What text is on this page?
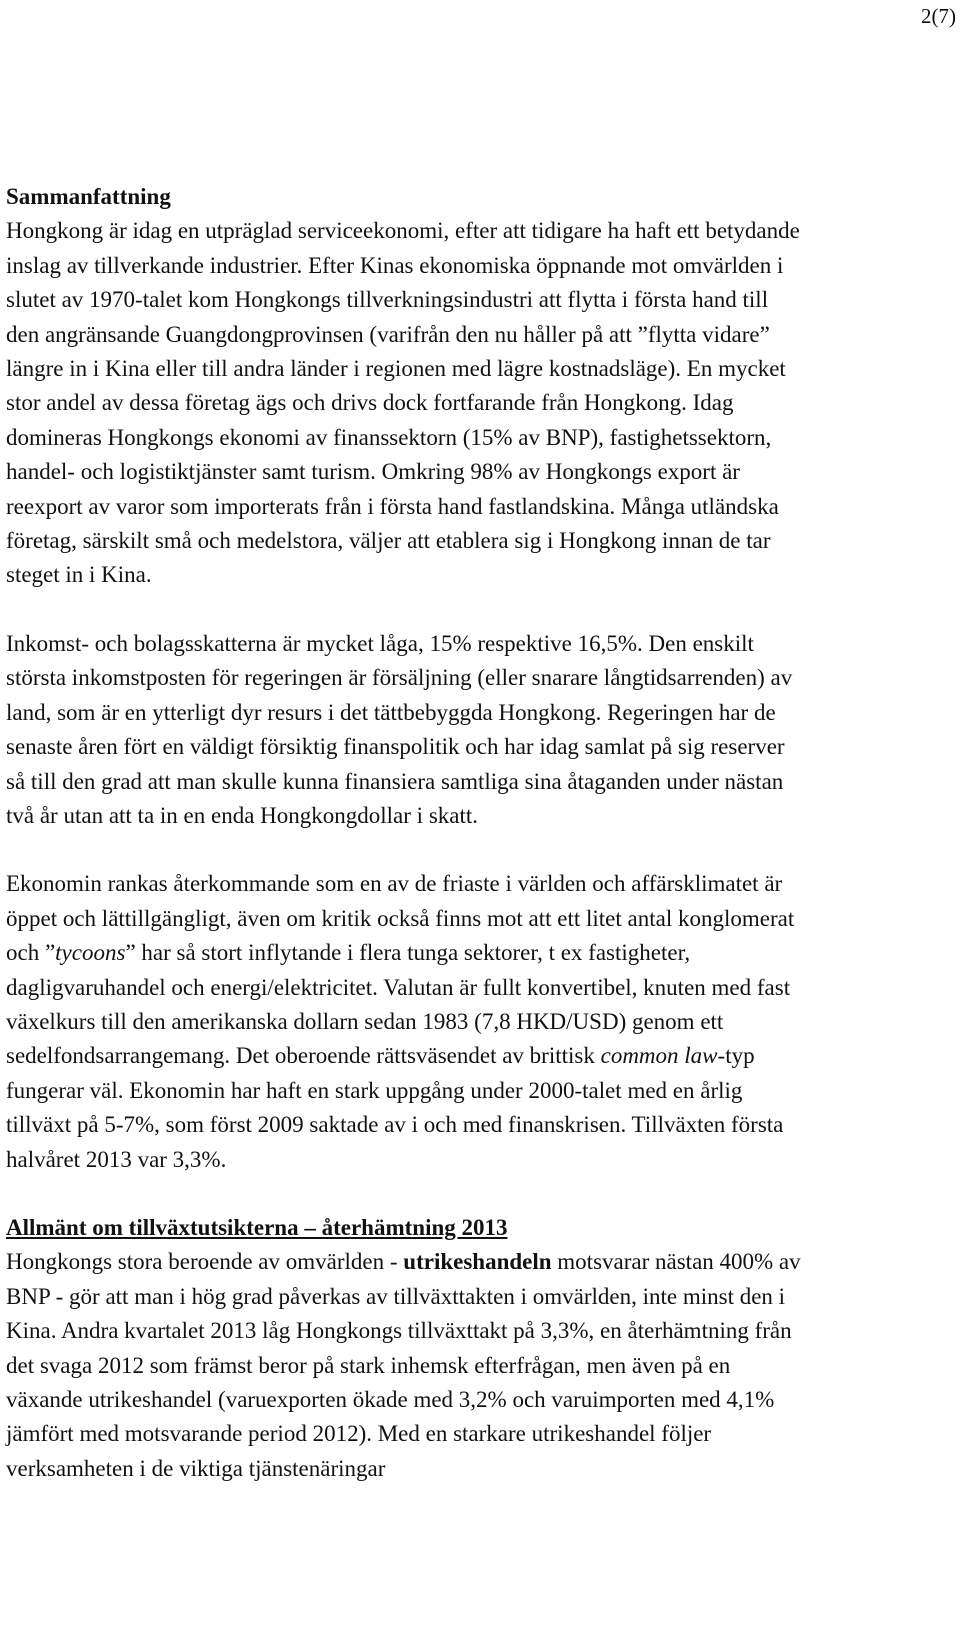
2(7)

Sammanfattning

Hongkong är idag en utpräglad serviceekonomi, efter att tidigare ha haft ett betydande inslag av tillverkande industrier. Efter Kinas ekonomiska öppnande mot omvärlden i slutet av 1970-talet kom Hongkongs tillverkningsindustri att flytta i första hand till den angränsande Guangdongprovinsen (varifrån den nu håller på att ”flytta vidare” längre in i Kina eller till andra länder i regionen med lägre kostnadsläge). En mycket stor andel av dessa företag ägs och drivs dock fortfarande från Hongkong. Idag domineras Hongkongs ekonomi av finanssektorn (15% av BNP), fastighetssektorn, handel- och logistiktjänster samt turism. Omkring 98% av Hongkongs export är reexport av varor som importerats från i första hand fastlandskina. Många utländska företag, särskilt små och medelstora, väljer att etablera sig i Hongkong innan de tar steget in i Kina.

Inkomst- och bolagsskatterna är mycket låga, 15% respektive 16,5%. Den enskilt största inkomstposten för regeringen är försäljning (eller snarare långtidsarrenden) av land, som är en ytterligt dyr resurs i det tättbebyggda Hongkong. Regeringen har de senaste åren fört en väldigt försiktig finanspolitik och har idag samlat på sig reserver så till den grad att man skulle kunna finansiera samtliga sina åtaganden under nästan två år utan att ta in en enda Hongkongdollar i skatt.

Ekonomin rankas återkommande som en av de friaste i världen och affärsklimatet är öppet och lättillgängligt, även om kritik också finns mot att ett litet antal konglomerat och ”tycoons” har så stort inflytande i flera tunga sektorer, t ex fastigheter, dagligvaruhandel och energi/elektricitet. Valutan är fullt konvertibel, knuten med fast växelkurs till den amerikanska dollarn sedan 1983 (7,8 HKD/USD) genom ett sedelfondsarrangemang. Det oberoende rättsväsendet av brittisk common law-typ fungerar väl. Ekonomin har haft en stark uppgång under 2000-talet med en årlig tillväxt på 5-7%, som först 2009 saktade av i och med finanskrisen. Tillväxten första halvåret 2013 var 3,3%.

Allmänt om tillväxtutsikterna – återhämtning 2013

Hongkongs stora beroende av omvärlden - utrikeshandeln motsvarar nästan 400% av BNP - gör att man i hög grad påverkas av tillväxttakten i omvärlden, inte minst den i Kina. Andra kvartalet 2013 låg Hongkongs tillväxttakt på 3,3%, en återhämtning från det svaga 2012 som främst beror på stark inhemsk efterfrågan, men även på en växande utrikeshandel (varuexporten ökade med 3,2% och varuimporten med 4,1% jämfört med motsvarande period 2012). Med en starkare utrikeshandel följer verksamheten i de viktiga tjänstenäringar
